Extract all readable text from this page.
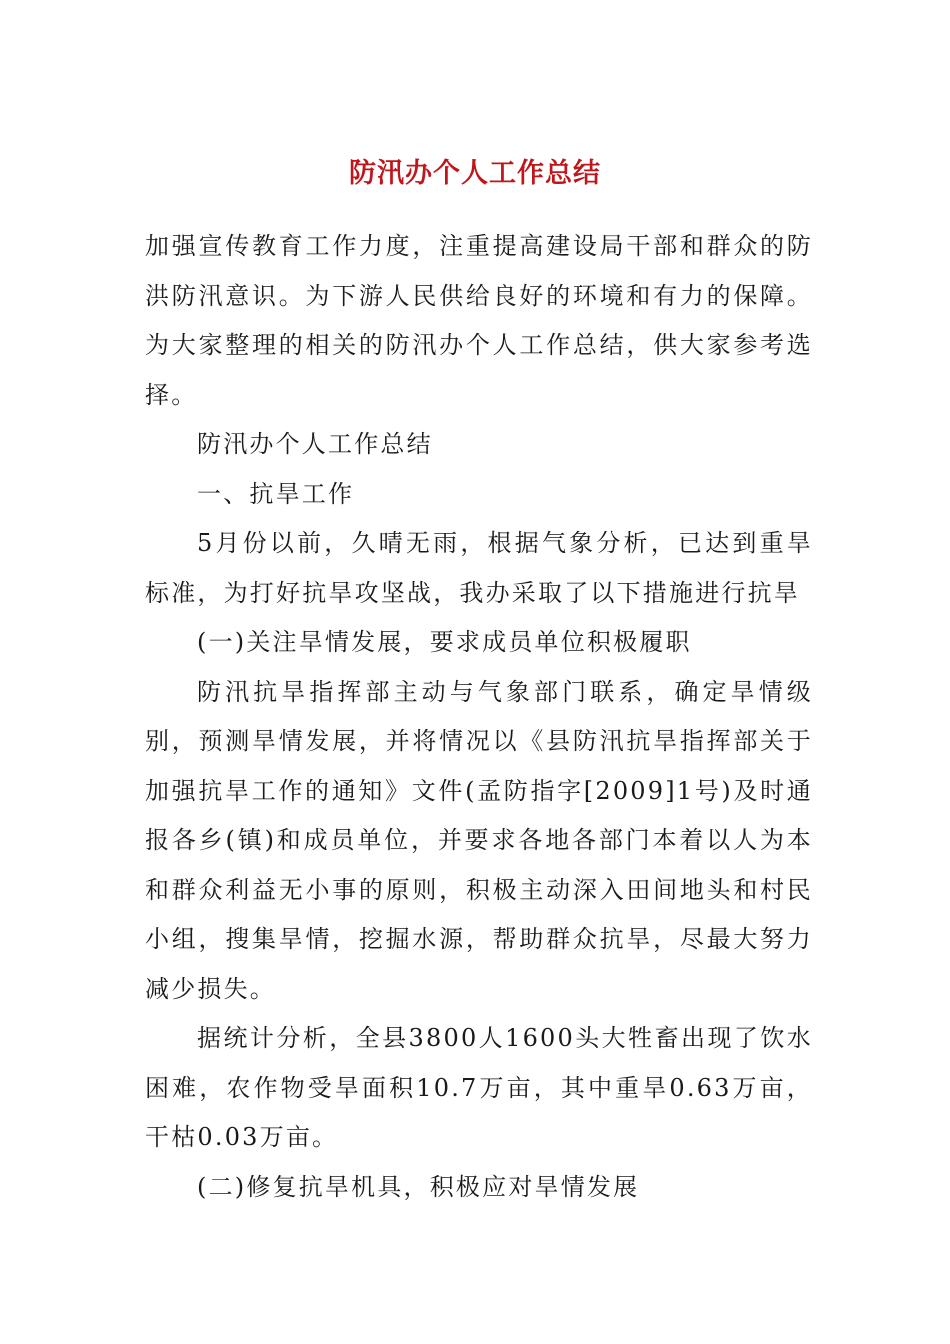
防汛办个人工作总结

加强宣传教育工作力度，注重提高建设局干部和群众的防洪防汛意识。为下游人民供给良好的环境和有力的保障。为大家整理的相关的防汛办个人工作总结，供大家参考选择。

防汛办个人工作总结

一、抗旱工作

5月份以前，久晴无雨，根据气象分析，已达到重旱标准，为打好抗旱攻坚战，我办采取了以下措施进行抗旱

(一)关注旱情发展，要求成员单位积极履职

防汛抗旱指挥部主动与气象部门联系，确定旱情级别，预测旱情发展，并将情况以《县防汛抗旱指挥部关于加强抗旱工作的通知》文件(孟防指字[2009]1号)及时通报各乡(镇)和成员单位，并要求各地各部门本着以人为本和群众利益无小事的原则，积极主动深入田间地头和村民小组，搜集旱情，挖掘水源，帮助群众抗旱，尽最大努力减少损失。

据统计分析，全县3800人1600头大牲畜出现了饮水困难，农作物受旱面积10.7万亩，其中重旱0.63万亩，干枯0.03万亩。

(二)修复抗旱机具，积极应对旱情发展
